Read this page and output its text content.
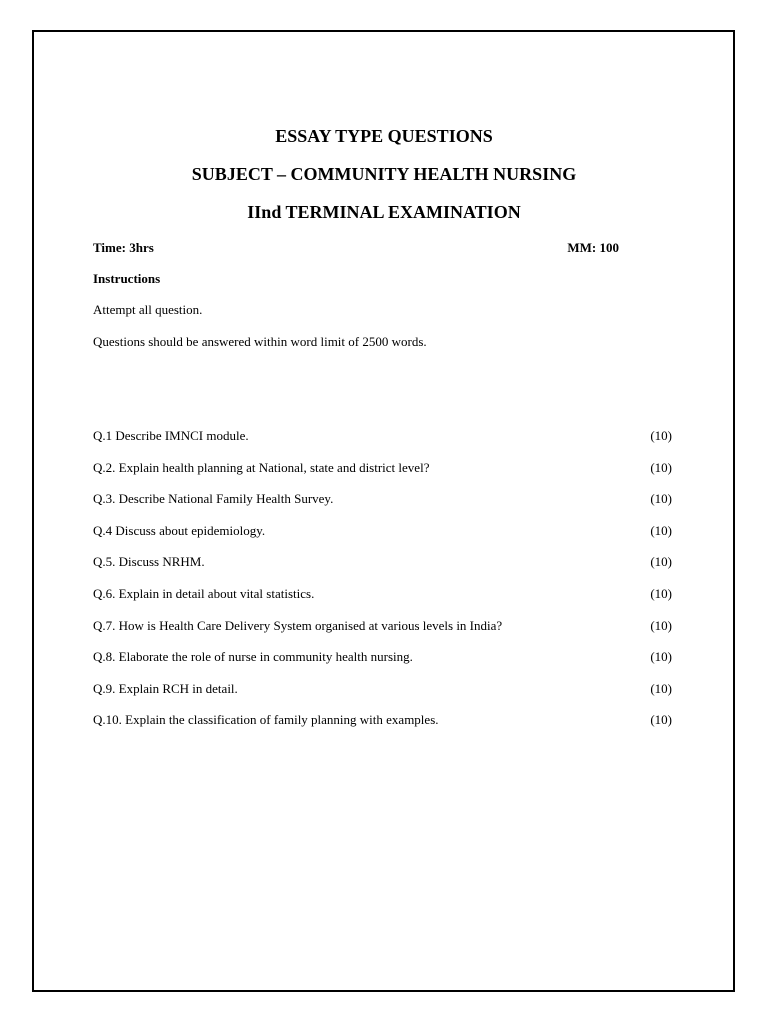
ESSAY TYPE QUESTIONS
SUBJECT – COMMUNITY HEALTH NURSING
IInd TERMINAL EXAMINATION
Time: 3hrs	MM: 100
Instructions
Attempt all question.
Questions should be answered within word limit of 2500 words.
Q.1 Describe IMNCI module.	(10)
Q.2. Explain health planning at National, state and district level?	(10)
Q.3. Describe National Family Health Survey.	(10)
Q.4 Discuss about epidemiology.	(10)
Q.5. Discuss NRHM.	(10)
Q.6. Explain in detail about vital statistics.	(10)
Q.7. How is Health Care Delivery System organised at various levels in India?	(10)
Q.8. Elaborate the role of nurse in community health nursing.	(10)
Q.9. Explain RCH in detail.	(10)
Q.10. Explain the classification of family planning with examples.	(10)
